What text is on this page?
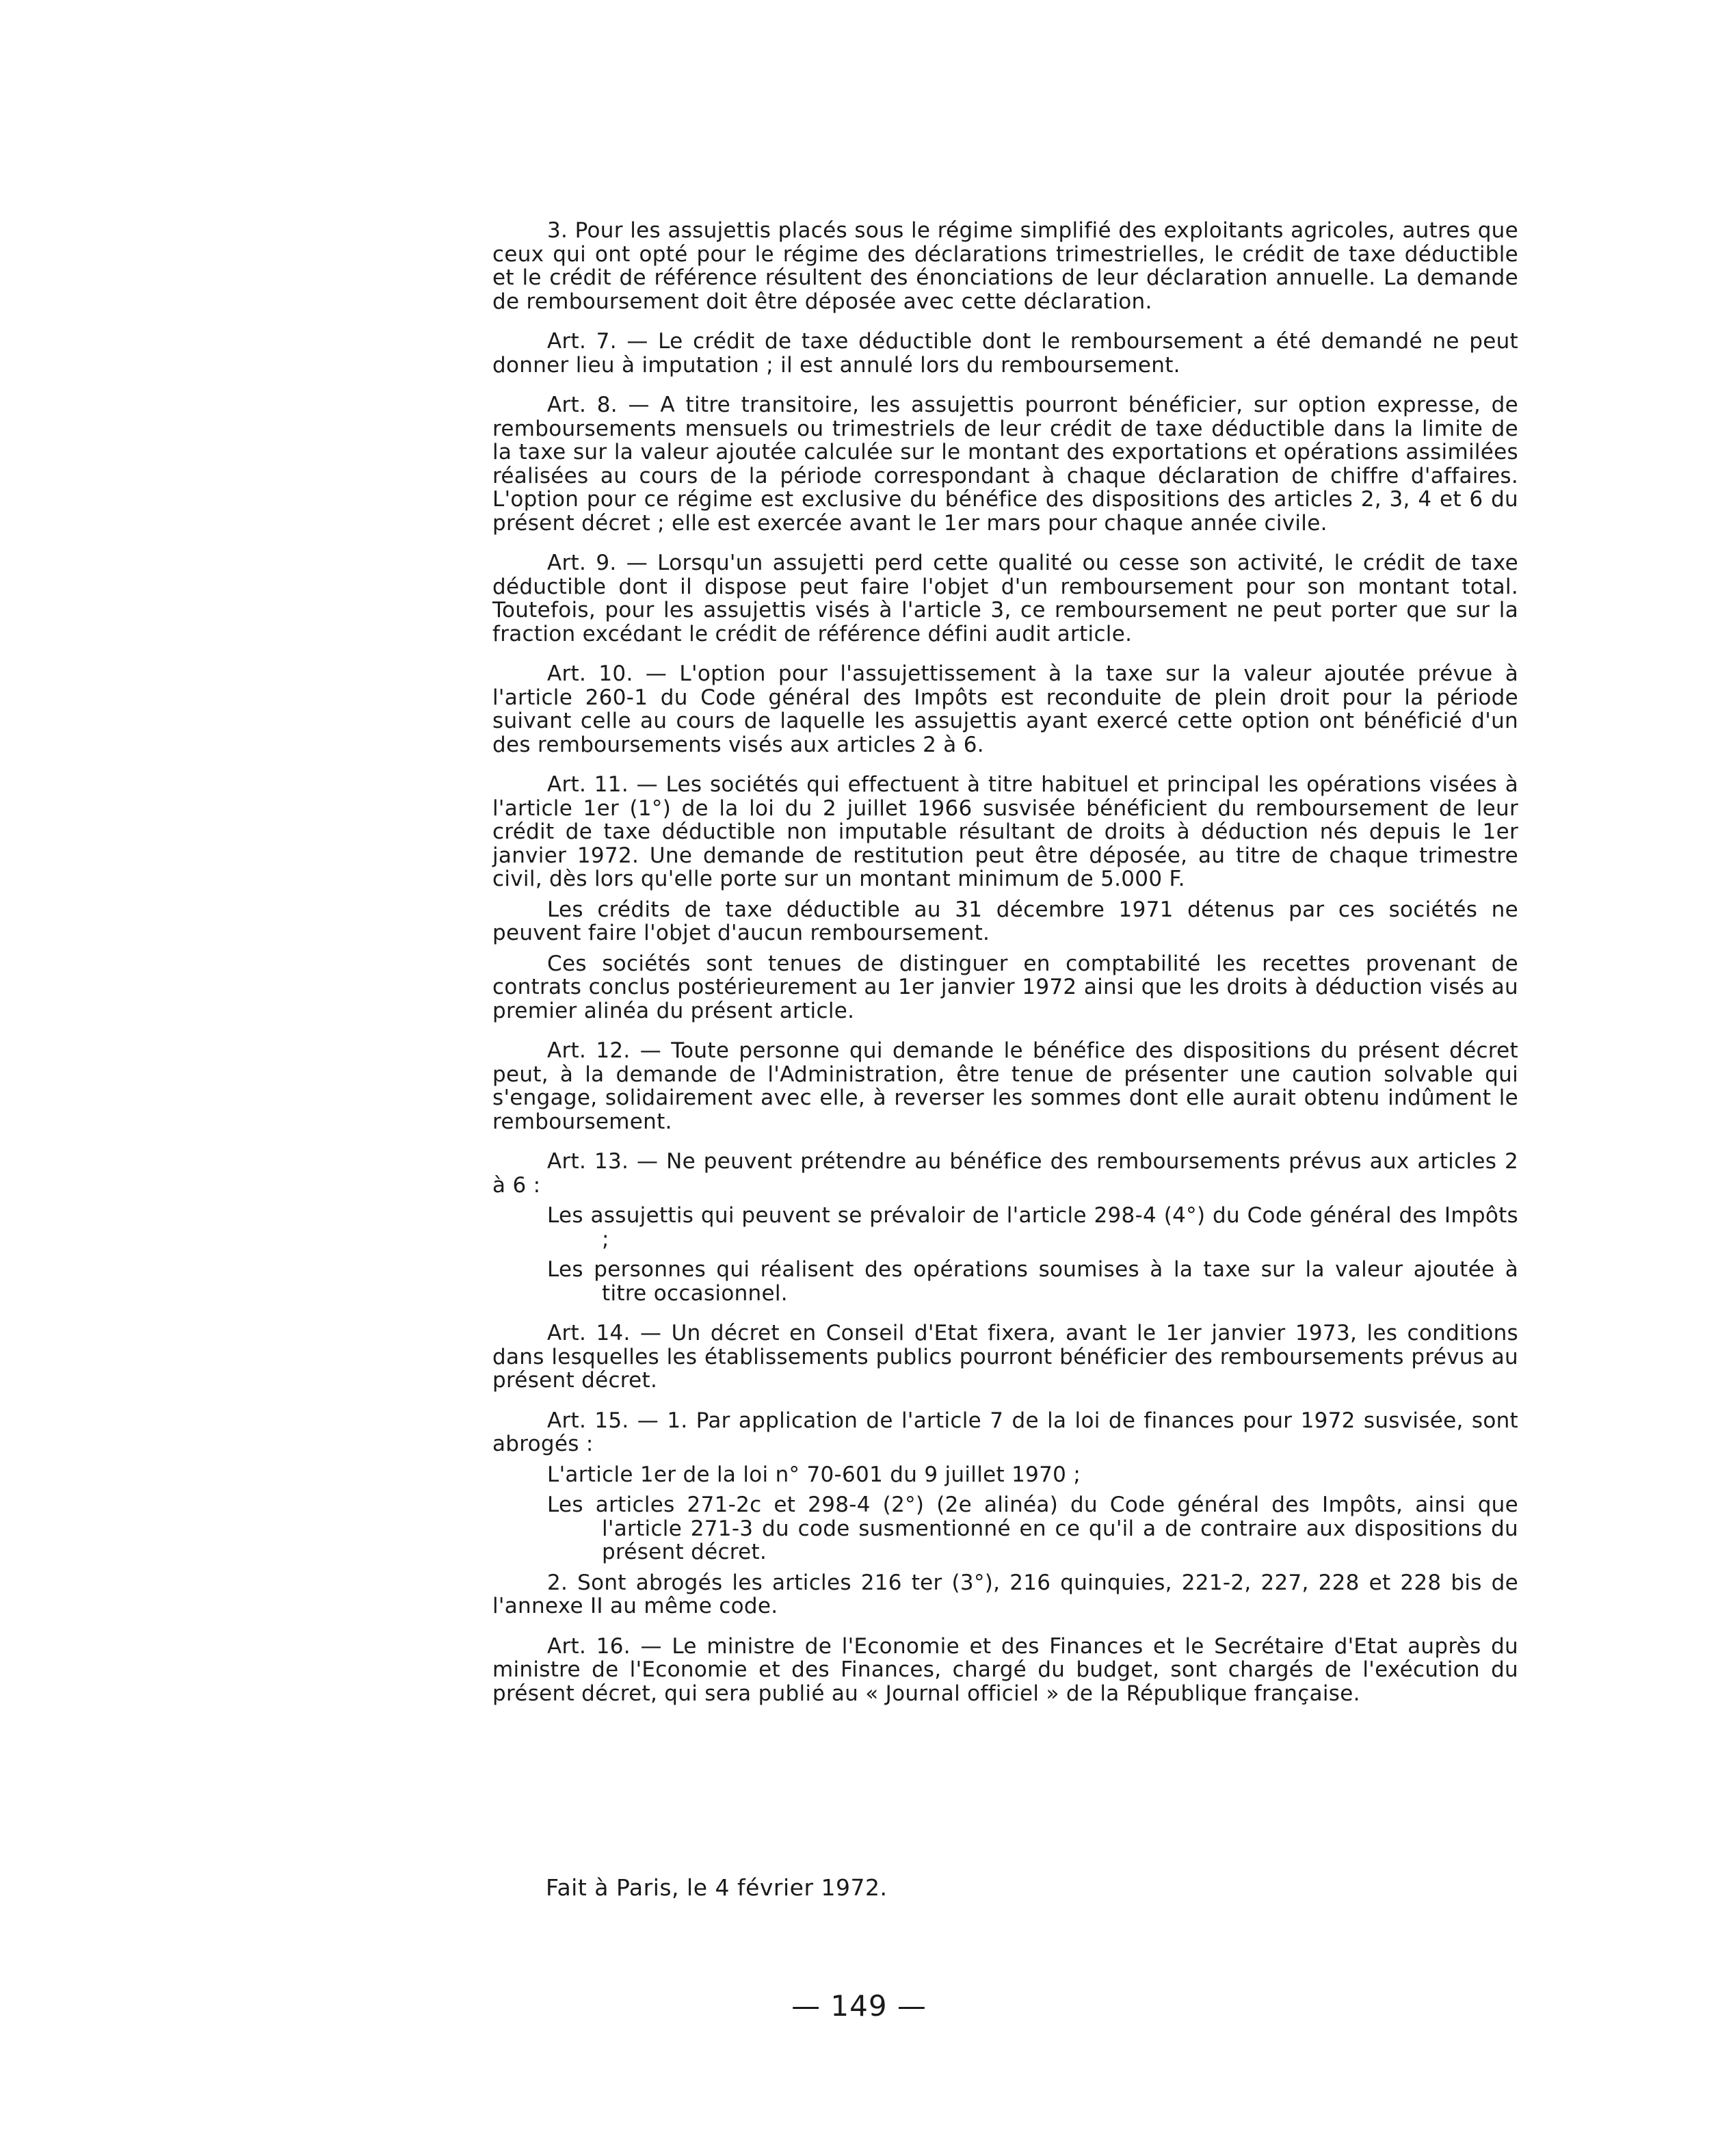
3. Pour les assujettis placés sous le régime simplifié des exploitants agricoles, autres que ceux qui ont opté pour le régime des déclarations trimestrielles, le crédit de taxe déductible et le crédit de référence résultent des énonciations de leur déclaration annuelle. La demande de remboursement doit être déposée avec cette déclaration.

Art. 7. — Le crédit de taxe déductible dont le remboursement a été demandé ne peut donner lieu à imputation ; il est annulé lors du remboursement.

Art. 8. — A titre transitoire, les assujettis pourront bénéficier, sur option expresse, de remboursements mensuels ou trimestriels de leur crédit de taxe déductible dans la limite de la taxe sur la valeur ajoutée calculée sur le montant des exportations et opérations assimilées réalisées au cours de la période correspondant à chaque déclaration de chiffre d'affaires. L'option pour ce régime est exclusive du bénéfice des dispositions des articles 2, 3, 4 et 6 du présent décret ; elle est exercée avant le 1er mars pour chaque année civile.

Art. 9. — Lorsqu'un assujetti perd cette qualité ou cesse son activité, le crédit de taxe déductible dont il dispose peut faire l'objet d'un remboursement pour son montant total. Toutefois, pour les assujettis visés à l'article 3, ce remboursement ne peut porter que sur la fraction excédant le crédit de référence défini audit article.

Art. 10. — L'option pour l'assujettissement à la taxe sur la valeur ajoutée prévue à l'article 260-1 du Code général des Impôts est reconduite de plein droit pour la période suivant celle au cours de laquelle les assujettis ayant exercé cette option ont bénéficié d'un des remboursements visés aux articles 2 à 6.

Art. 11. — Les sociétés qui effectuent à titre habituel et principal les opérations visées à l'article 1er (1°) de la loi du 2 juillet 1966 susvisée bénéficient du remboursement de leur crédit de taxe déductible non imputable résultant de droits à déduction nés depuis le 1er janvier 1972. Une demande de restitution peut être déposée, au titre de chaque trimestre civil, dès lors qu'elle porte sur un montant minimum de 5.000 F.

Les crédits de taxe déductible au 31 décembre 1971 détenus par ces sociétés ne peuvent faire l'objet d'aucun remboursement.

Ces sociétés sont tenues de distinguer en comptabilité les recettes provenant de contrats conclus postérieurement au 1er janvier 1972 ainsi que les droits à déduction visés au premier alinéa du présent article.

Art. 12. — Toute personne qui demande le bénéfice des dispositions du présent décret peut, à la demande de l'Administration, être tenue de présenter une caution solvable qui s'engage, solidairement avec elle, à reverser les sommes dont elle aurait obtenu indûment le remboursement.

Art. 13. — Ne peuvent prétendre au bénéfice des remboursements prévus aux articles 2 à 6 :

Les assujettis qui peuvent se prévaloir de l'article 298-4 (4°) du Code général des Impôts ;

Les personnes qui réalisent des opérations soumises à la taxe sur la valeur ajoutée à titre occasionnel.

Art. 14. — Un décret en Conseil d'Etat fixera, avant le 1er janvier 1973, les conditions dans lesquelles les établissements publics pourront bénéficier des remboursements prévus au présent décret.

Art. 15. — 1. Par application de l'article 7 de la loi de finances pour 1972 susvisée, sont abrogés :

L'article 1er de la loi n° 70-601 du 9 juillet 1970 ;

Les articles 271-2c et 298-4 (2°) (2e alinéa) du Code général des Impôts, ainsi que l'article 271-3 du code susmentionné en ce qu'il a de contraire aux dispositions du présent décret.

2. Sont abrogés les articles 216 ter (3°), 216 quinquies, 221-2, 227, 228 et 228 bis de l'annexe II au même code.

Art. 16. — Le ministre de l'Economie et des Finances et le Secrétaire d'Etat auprès du ministre de l'Economie et des Finances, chargé du budget, sont chargés de l'exécution du présent décret, qui sera publié au « Journal officiel » de la République française.

Fait à Paris, le 4 février 1972.
— 149 —
